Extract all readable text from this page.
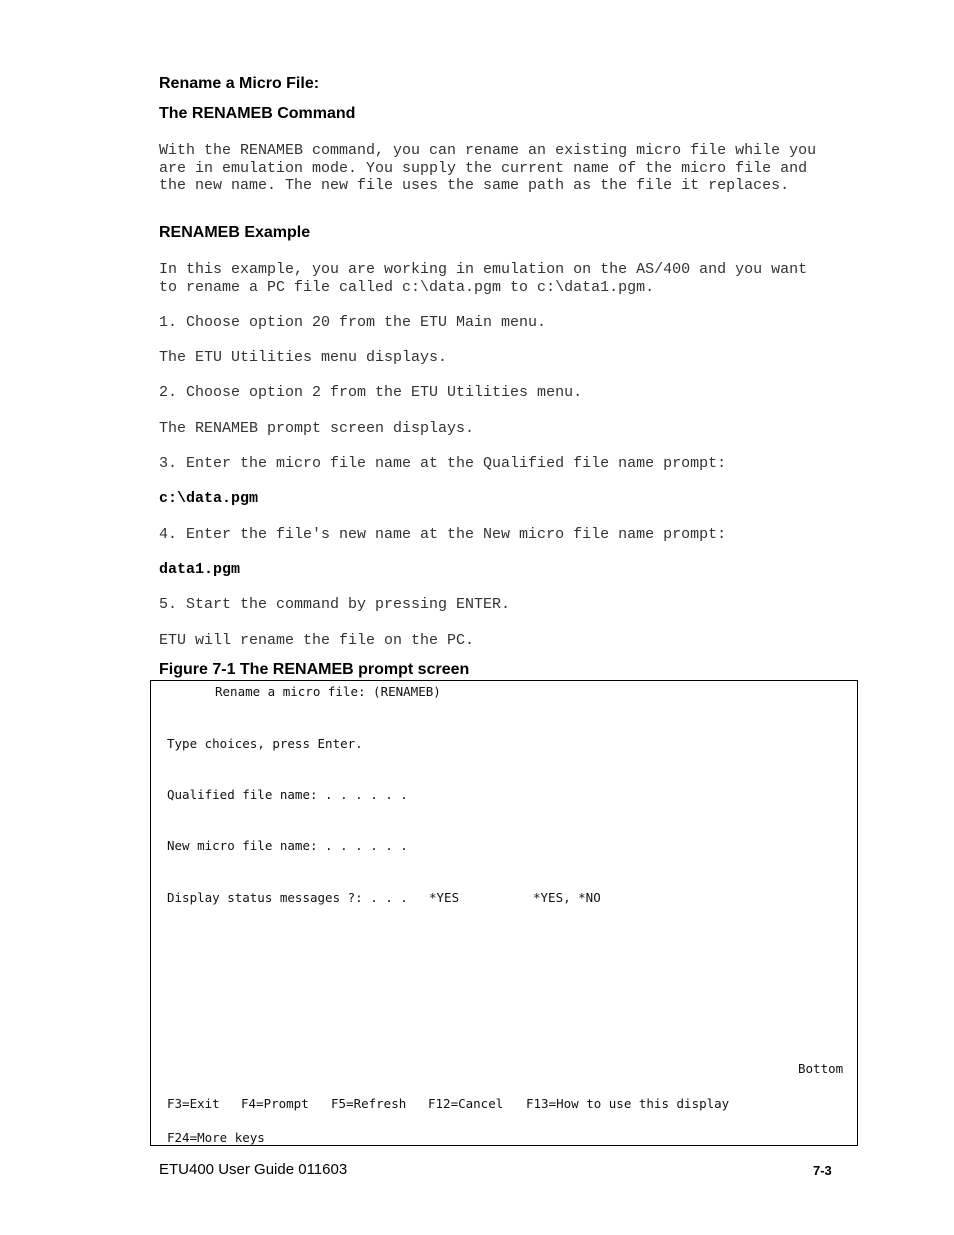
Rename a Micro File:
The RENAMEB Command

With the RENAMEB command, you can rename an existing micro file while you
are in emulation mode. You supply the current name of the micro file and
the new name. The new file uses the same path as the file it replaces.

RENAMEB Example

In this example, you are working in emulation on the AS/400 and you want
to rename a PC file called c:\data.pgm to c:\data1.pgm.

1. Choose option 20 from the ETU Main menu.

The ETU Utilities menu displays.

2. Choose option 2 from the ETU Utilities menu.

The RENAMEB prompt screen displays.

3. Enter the micro file name at the Qualified file name prompt:

c:\data.pgm

4. Enter the file's new name at the New micro file name prompt:

data1.pgm

5. Start the command by pressing ENTER.

ETU will rename the file on the PC.

Figure 7-1 The RENAMEB prompt screen
Rename a micro file: (RENAMEB)
Type choices, press Enter.
Qualified file name: . . . . . .
New micro file name: . . . . . .
Display status messages ?: . . . *YES	*YES, *NO
Bottom
F3=Exit F4=Prompt F5=Refresh F12=Cancel F13=How to use this display
F24=More keys
ETU400 User Guide 011603	7-3
